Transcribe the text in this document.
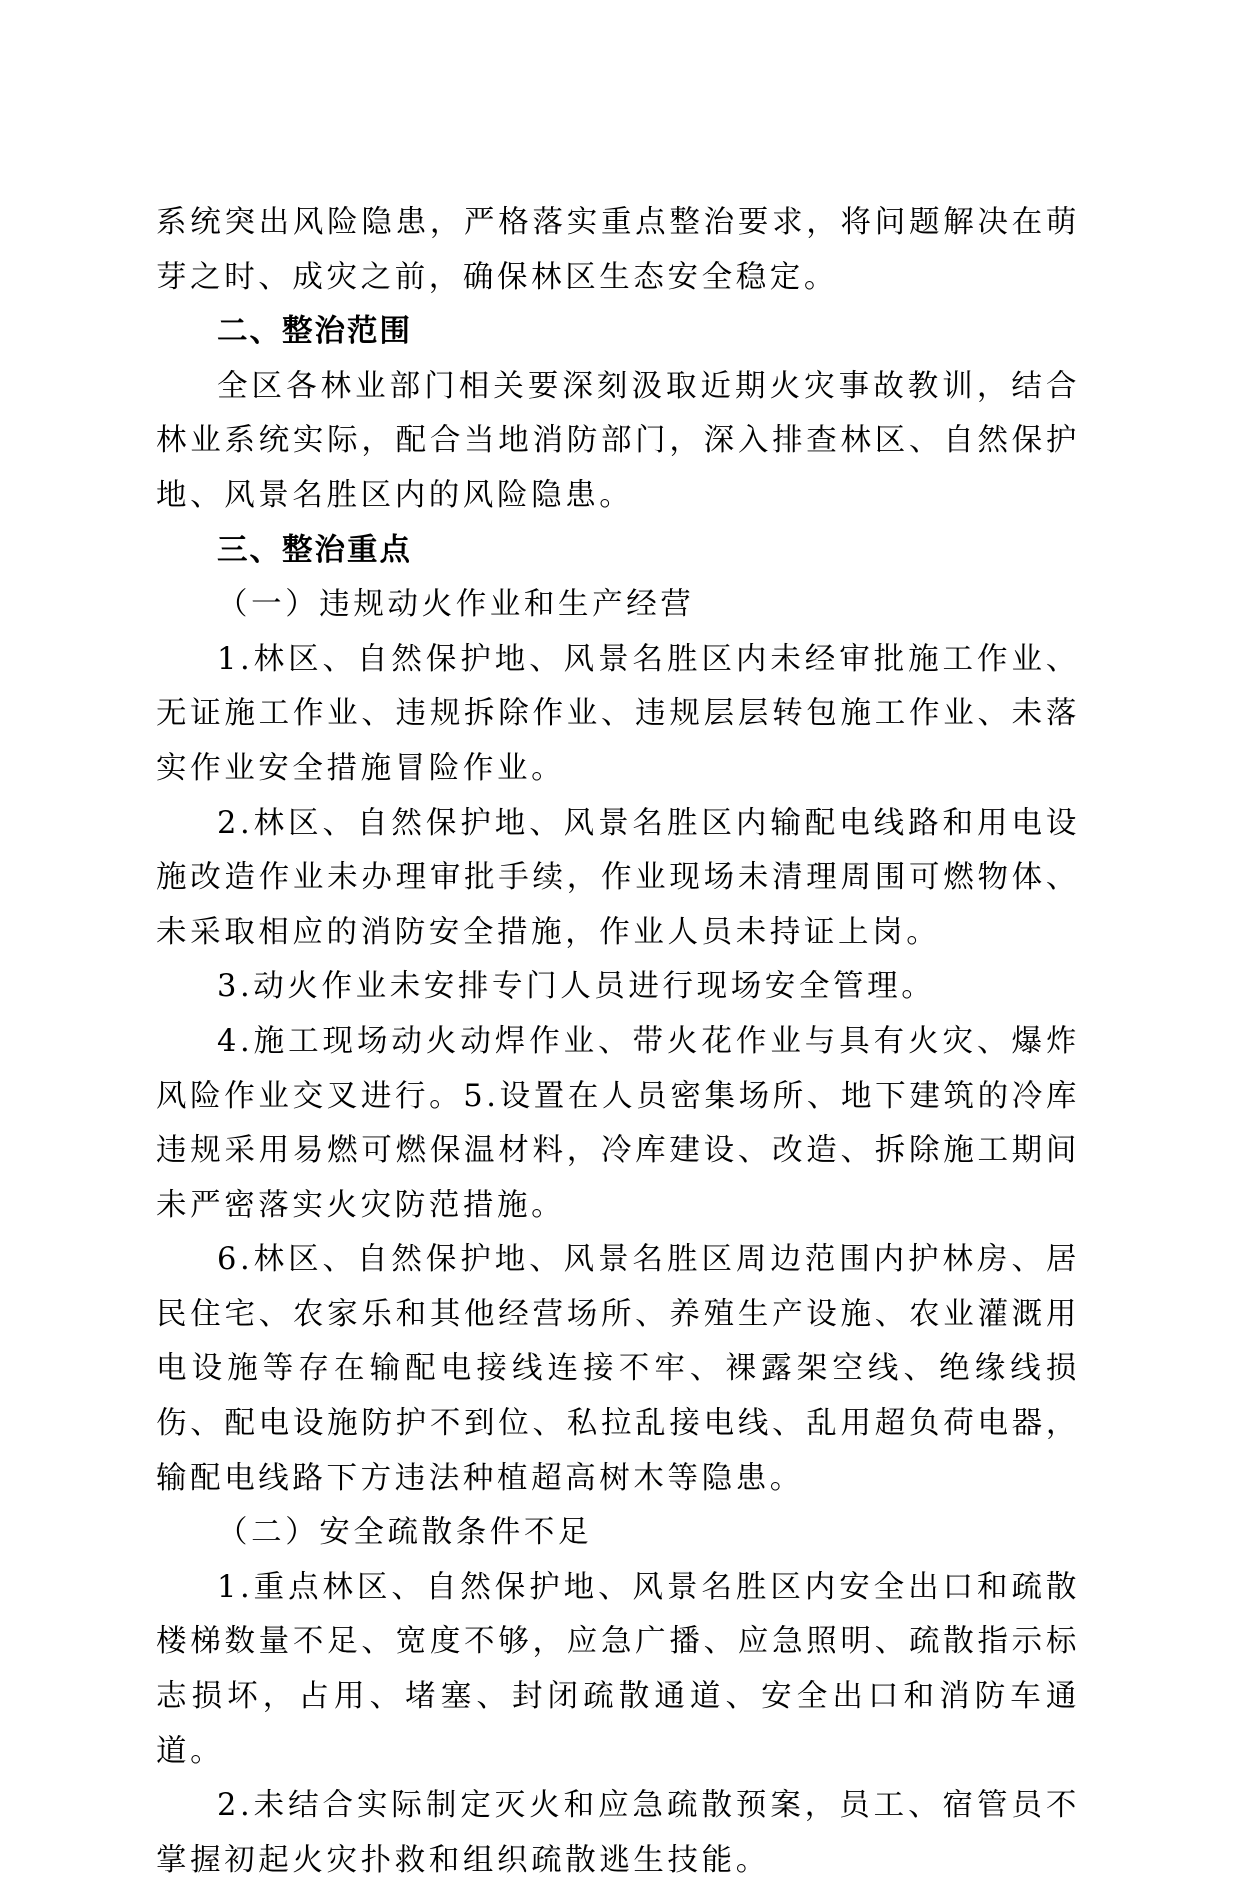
系统突出风险隐患，严格落实重点整治要求，将问题解决在萌芽之时、成灾之前，确保林区生态安全稳定。

二、整治范围

全区各林业部门相关要深刻汲取近期火灾事故教训，结合林业系统实际，配合当地消防部门，深入排查林区、自然保护地、风景名胜区内的风险隐患。

三、整治重点

（一）违规动火作业和生产经营

1.林区、自然保护地、风景名胜区内未经审批施工作业、无证施工作业、违规拆除作业、违规层层转包施工作业、未落实作业安全措施冒险作业。

2.林区、自然保护地、风景名胜区内输配电线路和用电设施改造作业未办理审批手续，作业现场未清理周围可燃物体、未采取相应的消防安全措施，作业人员未持证上岗。

3.动火作业未安排专门人员进行现场安全管理。

4.施工现场动火动焊作业、带火花作业与具有火灾、爆炸风险作业交叉进行。5.设置在人员密集场所、地下建筑的冷库违规采用易燃可燃保温材料，冷库建设、改造、拆除施工期间未严密落实火灾防范措施。

6.林区、自然保护地、风景名胜区周边范围内护林房、居民住宅、农家乐和其他经营场所、养殖生产设施、农业灌溉用电设施等存在输配电接线连接不牢、裸露架空线、绝缘线损伤、配电设施防护不到位、私拉乱接电线、乱用超负荷电器，输配电线路下方违法种植超高树木等隐患。

（二）安全疏散条件不足

1.重点林区、自然保护地、风景名胜区内安全出口和疏散楼梯数量不足、宽度不够，应急广播、应急照明、疏散指示标志损坏，占用、堵塞、封闭疏散通道、安全出口和消防车通道。

2.未结合实际制定灭火和应急疏散预案，员工、宿管员不掌握初起火灾扑救和组织疏散逃生技能。
